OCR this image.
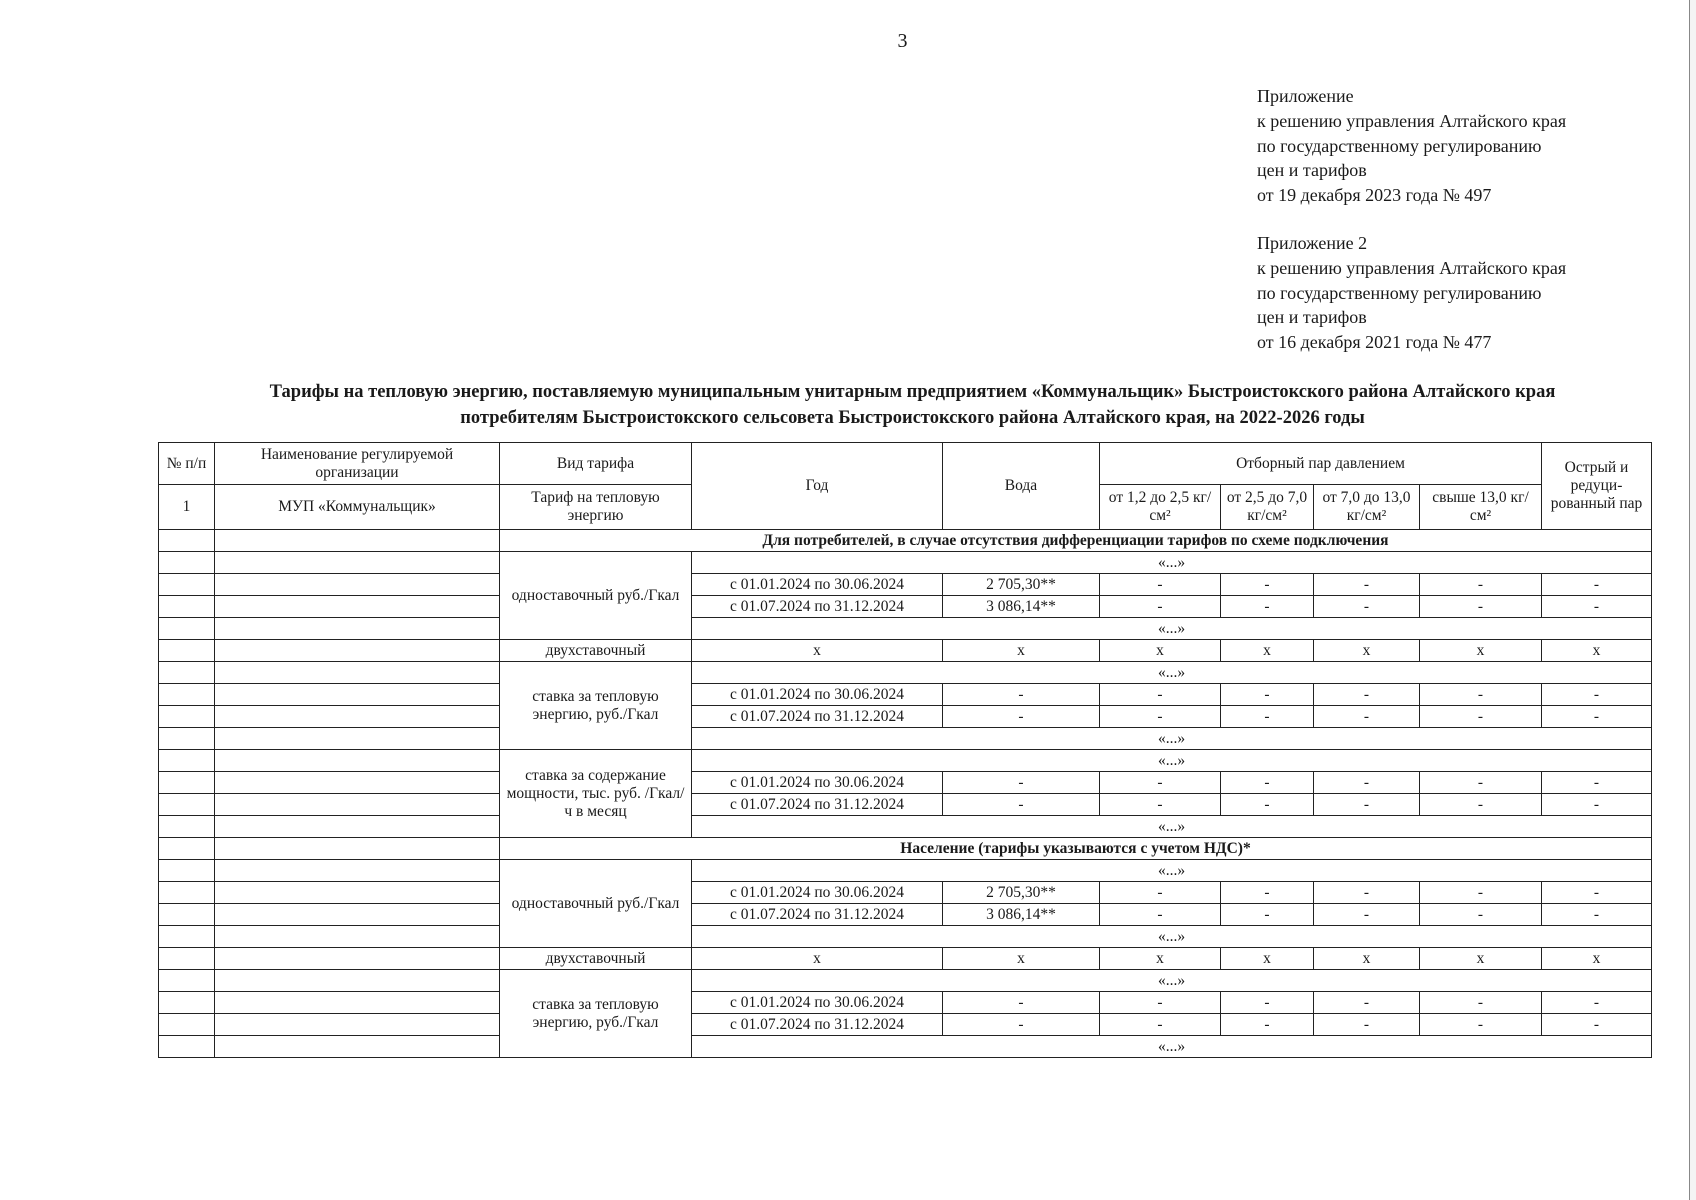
3
Приложение
к решению управления Алтайского края
по государственному регулированию
цен и тарифов
от 19 декабря 2023 года № 497
Приложение 2
к решению управления Алтайского края
по государственному регулированию
цен и тарифов
от 16 декабря 2021 года № 477
Тарифы на тепловую энергию, поставляемую муниципальным унитарным предприятием «Коммунальщик» Быстроистокского района Алтайского края
потребителям Быстроистокского сельсовета Быстроистокского района Алтайского края, на 2022-2026 годы
№ п/п	Наименование регулируемой организации	Вид тарифа	Год	Вода	Отборный пар давлением				Острый и редуци-рованный пар
1	МУП «Коммунальщик»	Тариф на тепловую энергию			от 1,2 до 2,5 кг/см²	от 2,5 до 7,0 кг/см²	от 7,0 до 13,0 кг/см²	свыше 13,0 кг/см²	
		Для потребителей, в случае отсутствия дифференциации тарифов по схеме подключения							
		одноставочный руб./Гкал	«...»						
			с 01.01.2024 по 30.06.2024	2 705,30**	-	-	-	-	-
			с 01.07.2024 по 31.12.2024	3 086,14**	-	-	-	-	-
			«...»						
		двухставочный	х	х	х	х	х	х	х
		ставка за тепловую энергию, руб./Гкал	«...»						
			с 01.01.2024 по 30.06.2024	-	-	-	-	-	-
			с 01.07.2024 по 31.12.2024	-	-	-	-	-	-
			«...»						
		ставка за содержание мощности, тыс. руб. /Гкал/ч в месяц	«...»						
			с 01.01.2024 по 30.06.2024	-	-	-	-	-	-
			с 01.07.2024 по 31.12.2024	-	-	-	-	-	-
			«...»						
		Население (тарифы указываются с учетом НДС)*							
		одноставочный руб./Гкал	«...»						
			с 01.01.2024 по 30.06.2024	2 705,30**	-	-	-	-	-
			с 01.07.2024 по 31.12.2024	3 086,14**	-	-	-	-	-
			«...»						
		двухставочный	х	х	х	х	х	х	х
		ставка за тепловую энергию, руб./Гкал	«...»						
			с 01.01.2024 по 30.06.2024	-	-	-	-	-	-
			с 01.07.2024 по 31.12.2024	-	-	-	-	-	-
			«...»						
